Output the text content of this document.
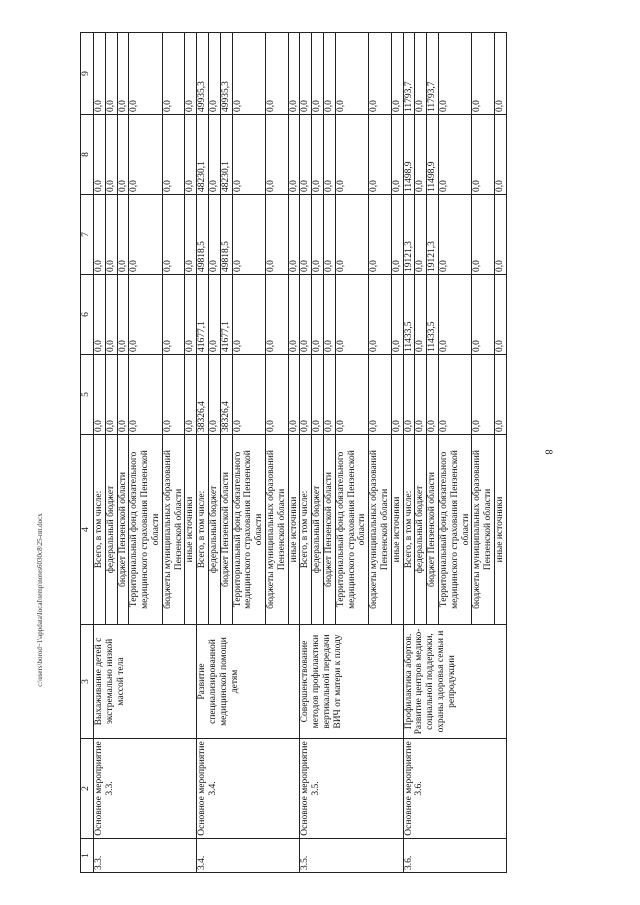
8
c:\users\borod~1\appdata\local\temp\notes6030c8\25-пп.docx
1	2	3	4	5	6	7	8	9
3.3.	Основное мероприятие 3.3.	Выхаживание детей с экстремально низкой массой тела	Всего, в том числе:	0,0	0,0	0,0	0,0	0,0
			федеральный бюджет	0,0	0,0	0,0	0,0	0,0
			бюджет Пензенской области	0,0	0,0	0,0	0,0	0,0
			Территориальный фонд обязательного медицинского страхования Пензенской области	0,0	0,0	0,0	0,0	0,0
			бюджеты муниципальных образований Пензенской области	0,0	0,0	0,0	0,0	0,0
			иные источники	0,0	0,0	0,0	0,0	0,0
3.4.	Основное мероприятие 3.4.	Развитие специализированной медицинской помощи детям	Всего, в том числе:	38326,4	41677,1	49818,5	48230,1	49935,3
			федеральный бюджет	0,0	0,0	0,0	0,0	0,0
			бюджет Пензенской области	38326,4	41677,1	49818,5	48230,1	49935,3
			Территориальный фонд обязательного медицинского страхования Пензенской области	0,0	0,0	0,0	0,0	0,0
			бюджеты муниципальных образований Пензенской области	0,0	0,0	0,0	0,0	0,0
			иные источники	0,0	0,0	0,0	0,0	0,0
3.5.	Основное мероприятие 3.5.	Совершенствование методов профилактики вертикальной передачи ВИЧ от матери к плоду	Всего, в том числе:	0,0	0,0	0,0	0,0	0,0
			федеральный бюджет	0,0	0,0	0,0	0,0	0,0
			бюджет Пензенской области	0,0	0,0	0,0	0,0	0,0
			Территориальный фонд обязательного медицинского страхования Пензенской области	0,0	0,0	0,0	0,0	0,0
			бюджеты муниципальных образований Пензенской области	0,0	0,0	0,0	0,0	0,0
			иные источники	0,0	0,0	0,0	0,0	0,0
3.6.	Основное мероприятие 3.6.	Профилактика абортов. Развитие центров медико-социальной поддержки, охраны здоровья семьи и репродукции	Всего, в том числе:	0,0	11433,5	19121,3	11498,9	11793,7
			федеральный бюджет	0,0	0,0	0,0	0,0	0,0
			бюджет Пензенской области	0,0	11433,5	19121,3	11498,9	11793,7
			Территориальный фонд обязательного медицинского страхования Пензенской области	0,0	0,0	0,0	0,0	0,0
			бюджеты муниципальных образований Пензенской области	0,0	0,0	0,0	0,0	0,0
			иные источники	0,0	0,0	0,0	0,0	0,0
